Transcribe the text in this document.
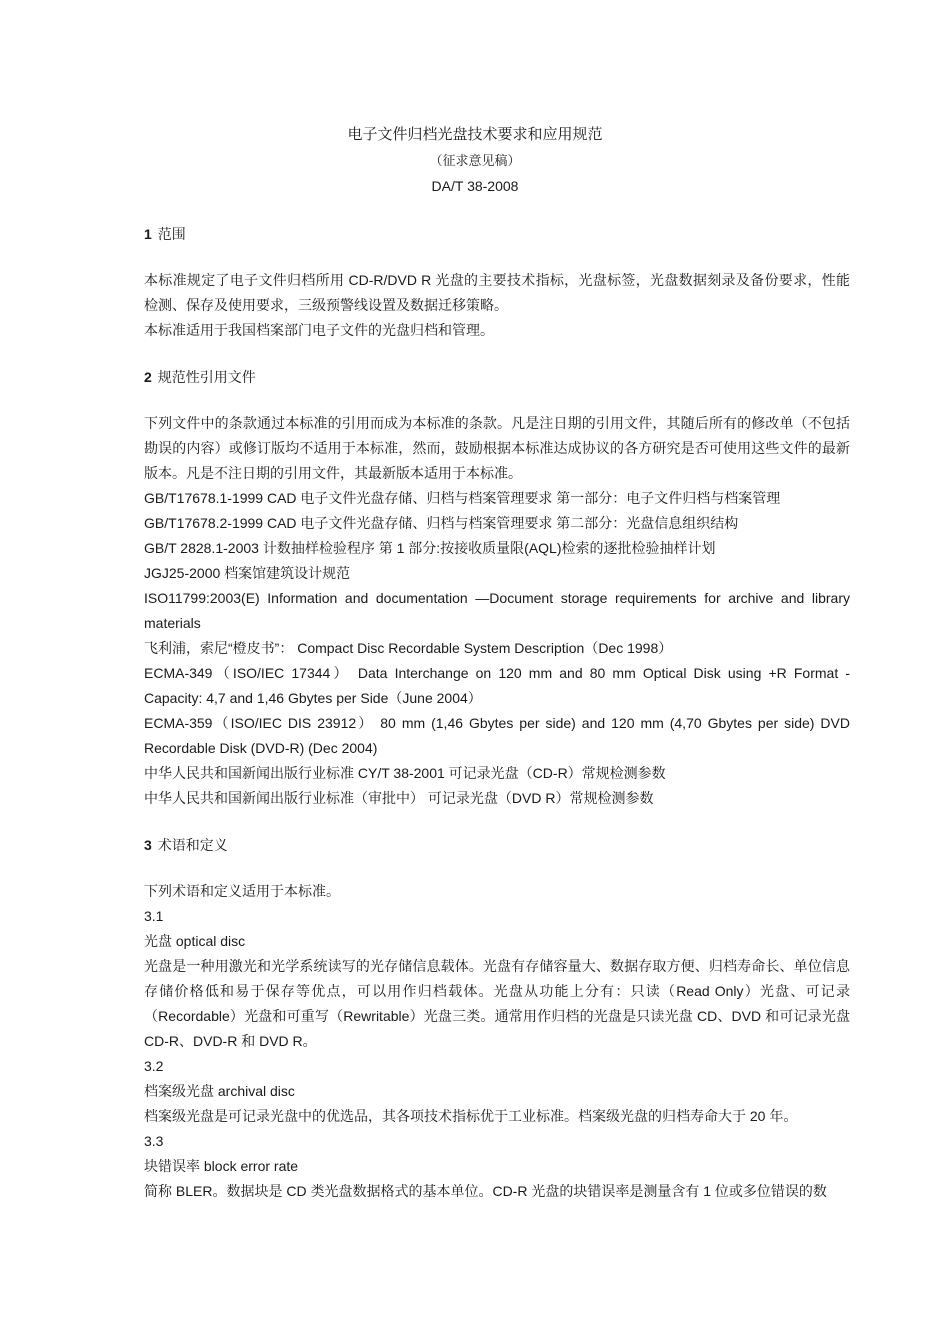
电子文件归档光盘技术要求和应用规范
（征求意见稿）
DA/T 38-2008
1 范围

本标准规定了电子文件归档所用 CD-R/DVD R 光盘的主要技术指标，光盘标签，光盘数据刻录及备份要求，性能检测、保存及使用要求，三级预警线设置及数据迁移策略。

本标准适用于我国档案部门电子文件的光盘归档和管理。

2 规范性引用文件

下列文件中的条款通过本标准的引用而成为本标准的条款。凡是注日期的引用文件，其随后所有的修改单（不包括勘误的内容）或修订版均不适用于本标准，然而，鼓励根据本标准达成协议的各方研究是否可使用这些文件的最新版本。凡是不注日期的引用文件，其最新版本适用于本标准。

GB/T17678.1-1999 CAD 电子文件光盘存储、归档与档案管理要求 第一部分：电子文件归档与档案管理

GB/T17678.2-1999 CAD 电子文件光盘存储、归档与档案管理要求 第二部分：光盘信息组织结构

GB/T 2828.1-2003 计数抽样检验程序 第 1 部分:按接收质量限(AQL)检索的逐批检验抽样计划

JGJ25-2000 档案馆建筑设计规范

ISO11799:2003(E) Information and documentation —Document storage requirements for archive and library materials

飞利浦，索尼“橙皮书”： Compact Disc Recordable System Description（Dec 1998）

ECMA-349（ISO/IEC 17344） Data Interchange on 120 mm and 80 mm Optical Disk using +R Format - Capacity: 4,7 and 1,46 Gbytes per Side（June 2004）

ECMA-359（ISO/IEC DIS 23912） 80 mm (1,46 Gbytes per side) and 120 mm (4,70 Gbytes per side) DVD Recordable Disk (DVD-R) (Dec 2004)

中华人民共和国新闻出版行业标准 CY/T 38-2001 可记录光盘（CD-R）常规检测参数

中华人民共和国新闻出版行业标准（审批中） 可记录光盘（DVD R）常规检测参数

3 术语和定义

下列术语和定义适用于本标准。

3.1

光盘 optical disc

光盘是一种用激光和光学系统读写的光存储信息载体。光盘有存储容量大、数据存取方便、归档寿命长、单位信息存储价格低和易于保存等优点，可以用作归档载体。光盘从功能上分有：只读（Read Only）光盘、可记录（Recordable）光盘和可重写（Rewritable）光盘三类。通常用作归档的光盘是只读光盘 CD、DVD 和可记录光盘 CD-R、DVD-R 和 DVD R。

3.2

档案级光盘 archival disc

档案级光盘是可记录光盘中的优选品，其各项技术指标优于工业标准。档案级光盘的归档寿命大于 20 年。

3.3

块错误率 block error rate

简称 BLER。数据块是 CD 类光盘数据格式的基本单位。CD-R 光盘的块错误率是测量含有 1 位或多位错误的数
